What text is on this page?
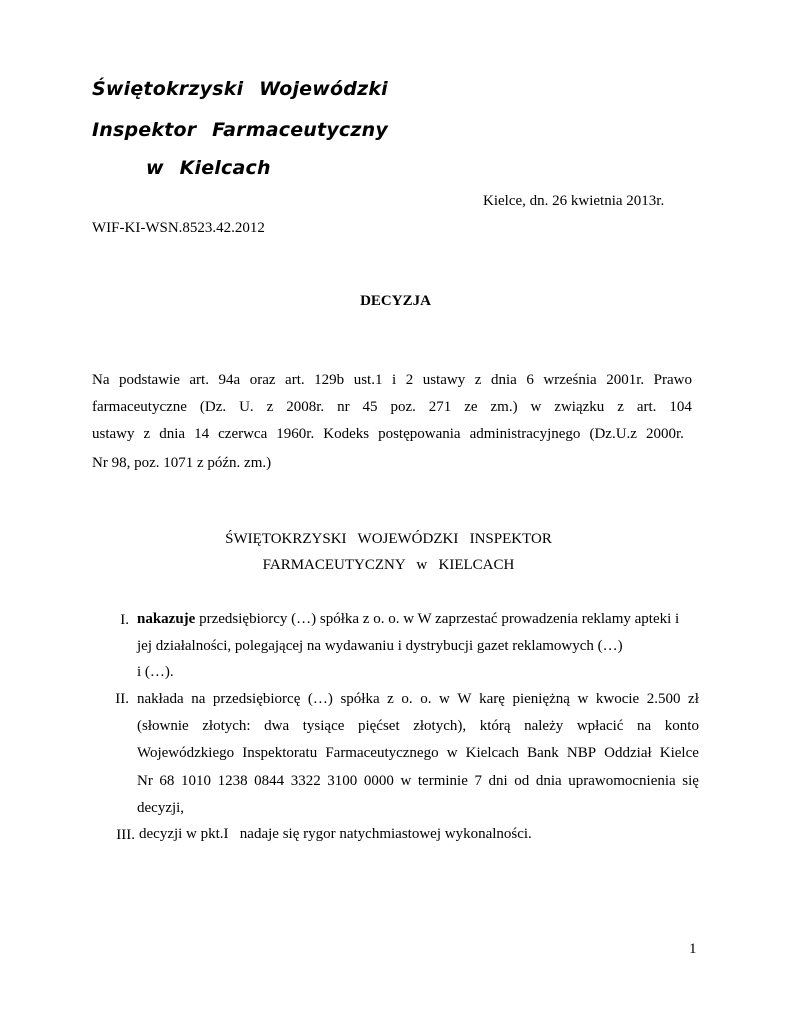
Świętokrzyski Wojewódzki
Inspektor Farmaceutyczny
w Kielcach
Kielce, dn. 26 kwietnia 2013r.
WIF-KI-WSN.8523.42.2012
DECYZJA
Na podstawie art. 94a oraz art. 129b ust.1 i 2 ustawy z dnia 6 września 2001r. Prawo
farmaceutyczne (Dz. U. z 2008r. nr 45 poz. 271 ze zm.) w związku z art. 104
ustawy z dnia 14 czerwca 1960r. Kodeks postępowania administracyjnego (Dz.U.z 2000r.
Nr 98, poz. 1071 z późn. zm.)
ŚWIĘTOKRZYSKI   WOJEWÓDZKI   INSPEKTOR
FARMACEUTYCZNY   w   KIELCACH
I. nakazuje przedsiębiorcy (…) spółka z o. o. w W zaprzestać prowadzenia reklamy apteki i
jej działalności, polegającej na wydawaniu i dystrybucji gazet reklamowych (…)
i (…).
II. nakłada na przedsiębiorcę (…) spółka z o. o. w W karę pieniężną w kwocie 2.500 zł
(słownie złotych: dwa tysiące pięćset złotych), którą należy wpłacić na konto
Wojewódzkiego Inspektoratu Farmaceutycznego w Kielcach Bank NBP Oddział Kielce
Nr 68 1010 1238 0844 3322 3100 0000 w terminie 7 dni od dnia uprawomocnienia się
decyzji,
III. decyzji w pkt.I   nadaje się rygor natychmiastowej wykonalności.
1
